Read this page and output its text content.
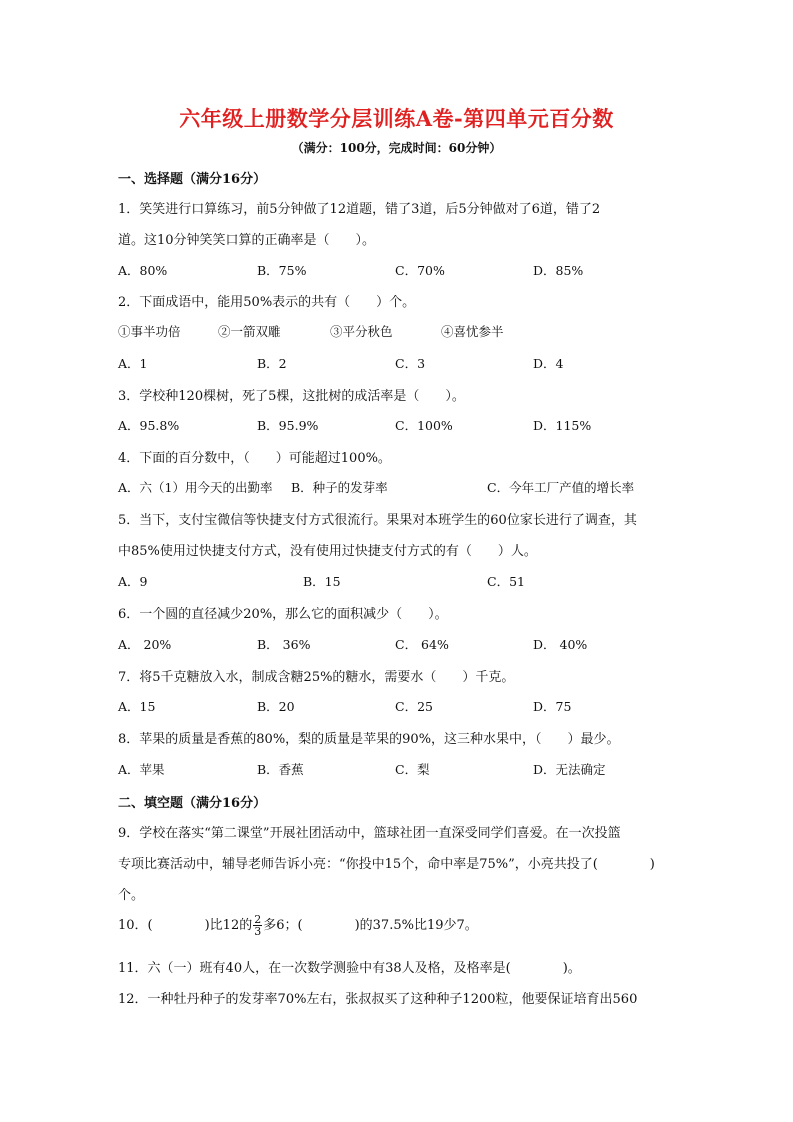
六年级上册数学分层训练A卷-第四单元百分数
（满分：100分，完成时间：60分钟）
一、选择题（满分16分）
1．笑笑进行口算练习，前5分钟做了12道题，错了3道，后5分钟做对了6道，错了2
道。这10分钟笑笑口算的正确率是（　　）。
A．80%	B．75%	C．70%	D．85%
2．下面成语中，能用50%表示的共有（　　）个。
①事半功倍	②一箭双雕	③平分秋色	④喜忧参半
A．1	B．2	C．3	D．4
3．学校种120棵树，死了5棵，这批树的成活率是（　　）。
A．95.8%	B．95.9%	C．100%	D．115%
4．下面的百分数中，（　　）可能超过100%。
A．六（1）用今天的出勤率 B．种子的发芽率	C．今年工厂产值的增长率
5．当下，支付宝微信等快捷支付方式很流行。果果对本班学生的60位家长进行了调查，其
中85%使用过快捷支付方式，没有使用过快捷支付方式的有（　　）人。
A．9	B．15	C．51
6．一个圆的直径减少20%，那么它的面积减少（　　）。
A． 20%	B． 36%	C． 64%	D． 40%
7．将5千克糖放入水，制成含糖25%的糖水，需要水（　　）千克。
A．15	B．20	C．25	D．75
8．苹果的质量是香蕉的80%，梨的质量是苹果的90%，这三种水果中，（　　）最少。
A．苹果	B．香蕉	C．梨	D．无法确定
二、填空题（满分16分）
9．学校在落实“第二课堂”开展社团活动中，篮球社团一直深受同学们喜爱。在一次投篮
专项比赛活动中，辅导老师告诉小亮：“你投中15个，命中率是75%”，小亮共投了(　　　　)
个。
10．(　　　　)比12的 $\frac{2}{3}$ 多6；(　　　　)的37.5%比19少7。
11．六（一）班有40人，在一次数学测验中有38人及格，及格率是(　　　　)。
12．一种牡丹种子的发芽率70%左右，张叔叔买了这种种子1200粒，他要保证培育出560
